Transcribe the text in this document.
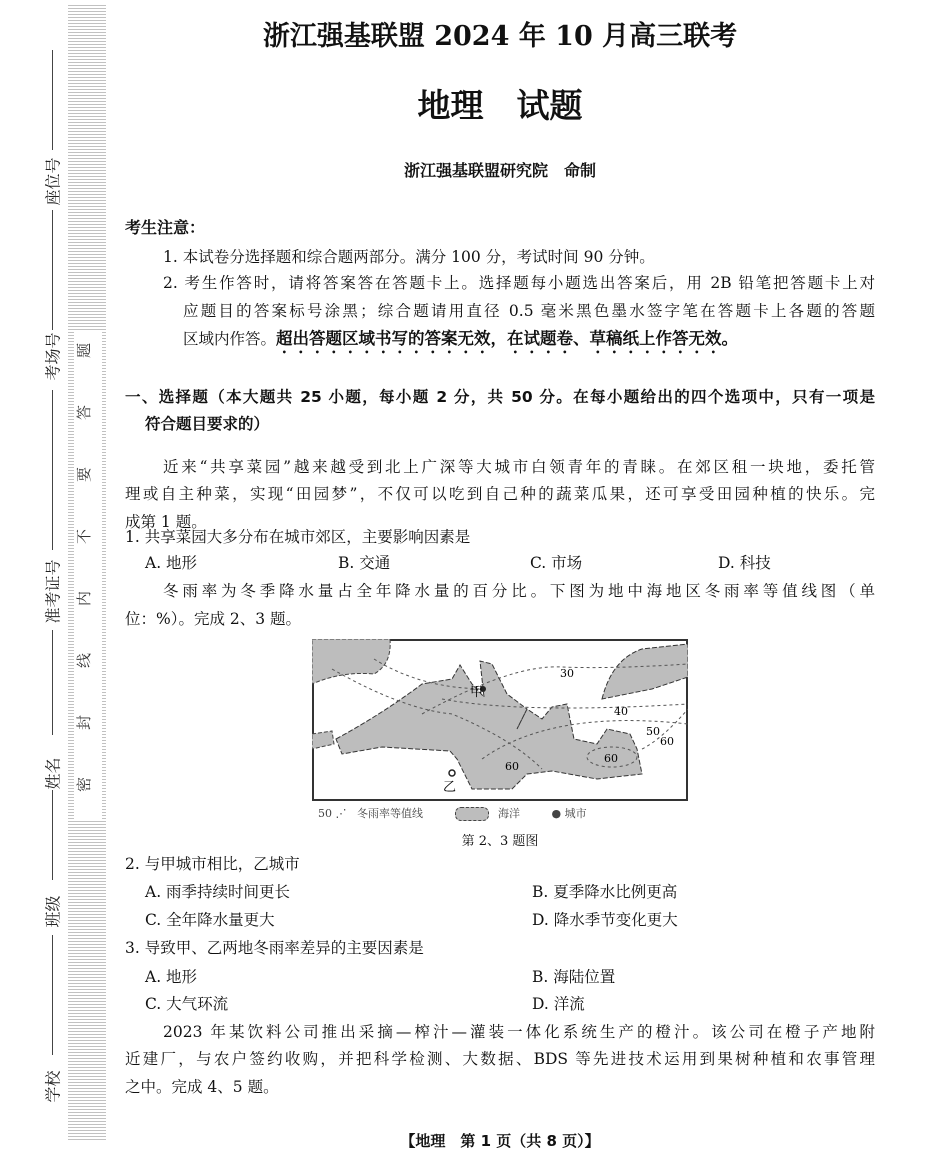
题
答
要
不
内
线
封
密
座位号
考场号
准考证号
姓名
班级
学校
浙江强基联盟 2024 年 10 月高三联考
地理　试题
浙江强基联盟研究院　命制
考生注意：
1. 本试卷分选择题和综合题两部分。满分 100 分，考试时间 90 分钟。
2. 考生作答时，请将答案答在答题卡上。选择题每小题选出答案后，用 2B 铅笔把答题卡上对
应题目的答案标号涂黑；综合题请用直径 0.5 毫米黑色墨水签字笔在答题卡上各题的答题
区域内作答。超出答题区域书写的答案无效，在试题卷、草稿纸上作答无效。
一、选择题（本大题共 25 小题，每小题 2 分，共 50 分。在每小题给出的四个选项中，只有一项是
符合题目要求的）
近来“共享菜园”越来越受到北上广深等大城市白领青年的青睐。在郊区租一块地，委托管
理或自主种菜，实现“田园梦”，不仅可以吃到自己种的蔬菜瓜果，还可享受田园种植的快乐。完
成第 1 题。
1. 共享菜园大多分布在城市郊区，主要影响因素是
A. 地形	B. 交通	C. 市场	D. 科技
冬雨率为冬季降水量占全年降水量的百分比。下图为地中海地区冬雨率等值线图（单
位：%）。完成 2、3 题。
甲
乙
30
40
50
60
60
60
50 ⋰   冬雨率等值线	海洋	● 城市
第 2、3 题图
2. 与甲城市相比，乙城市
A. 雨季持续时间更长	B. 夏季降水比例更高
C. 全年降水量更大	D. 降水季节变化更大
3. 导致甲、乙两地冬雨率差异的主要因素是
A. 地形	B. 海陆位置
C. 大气环流	D. 洋流
2023 年某饮料公司推出采摘—榨汁—灌装一体化系统生产的橙汁。该公司在橙子产地附
近建厂，与农户签约收购，并把科学检测、大数据、BDS 等先进技术运用到果树种植和农事管理
之中。完成 4、5 题。
【地理　第 1 页（共 8 页）】
